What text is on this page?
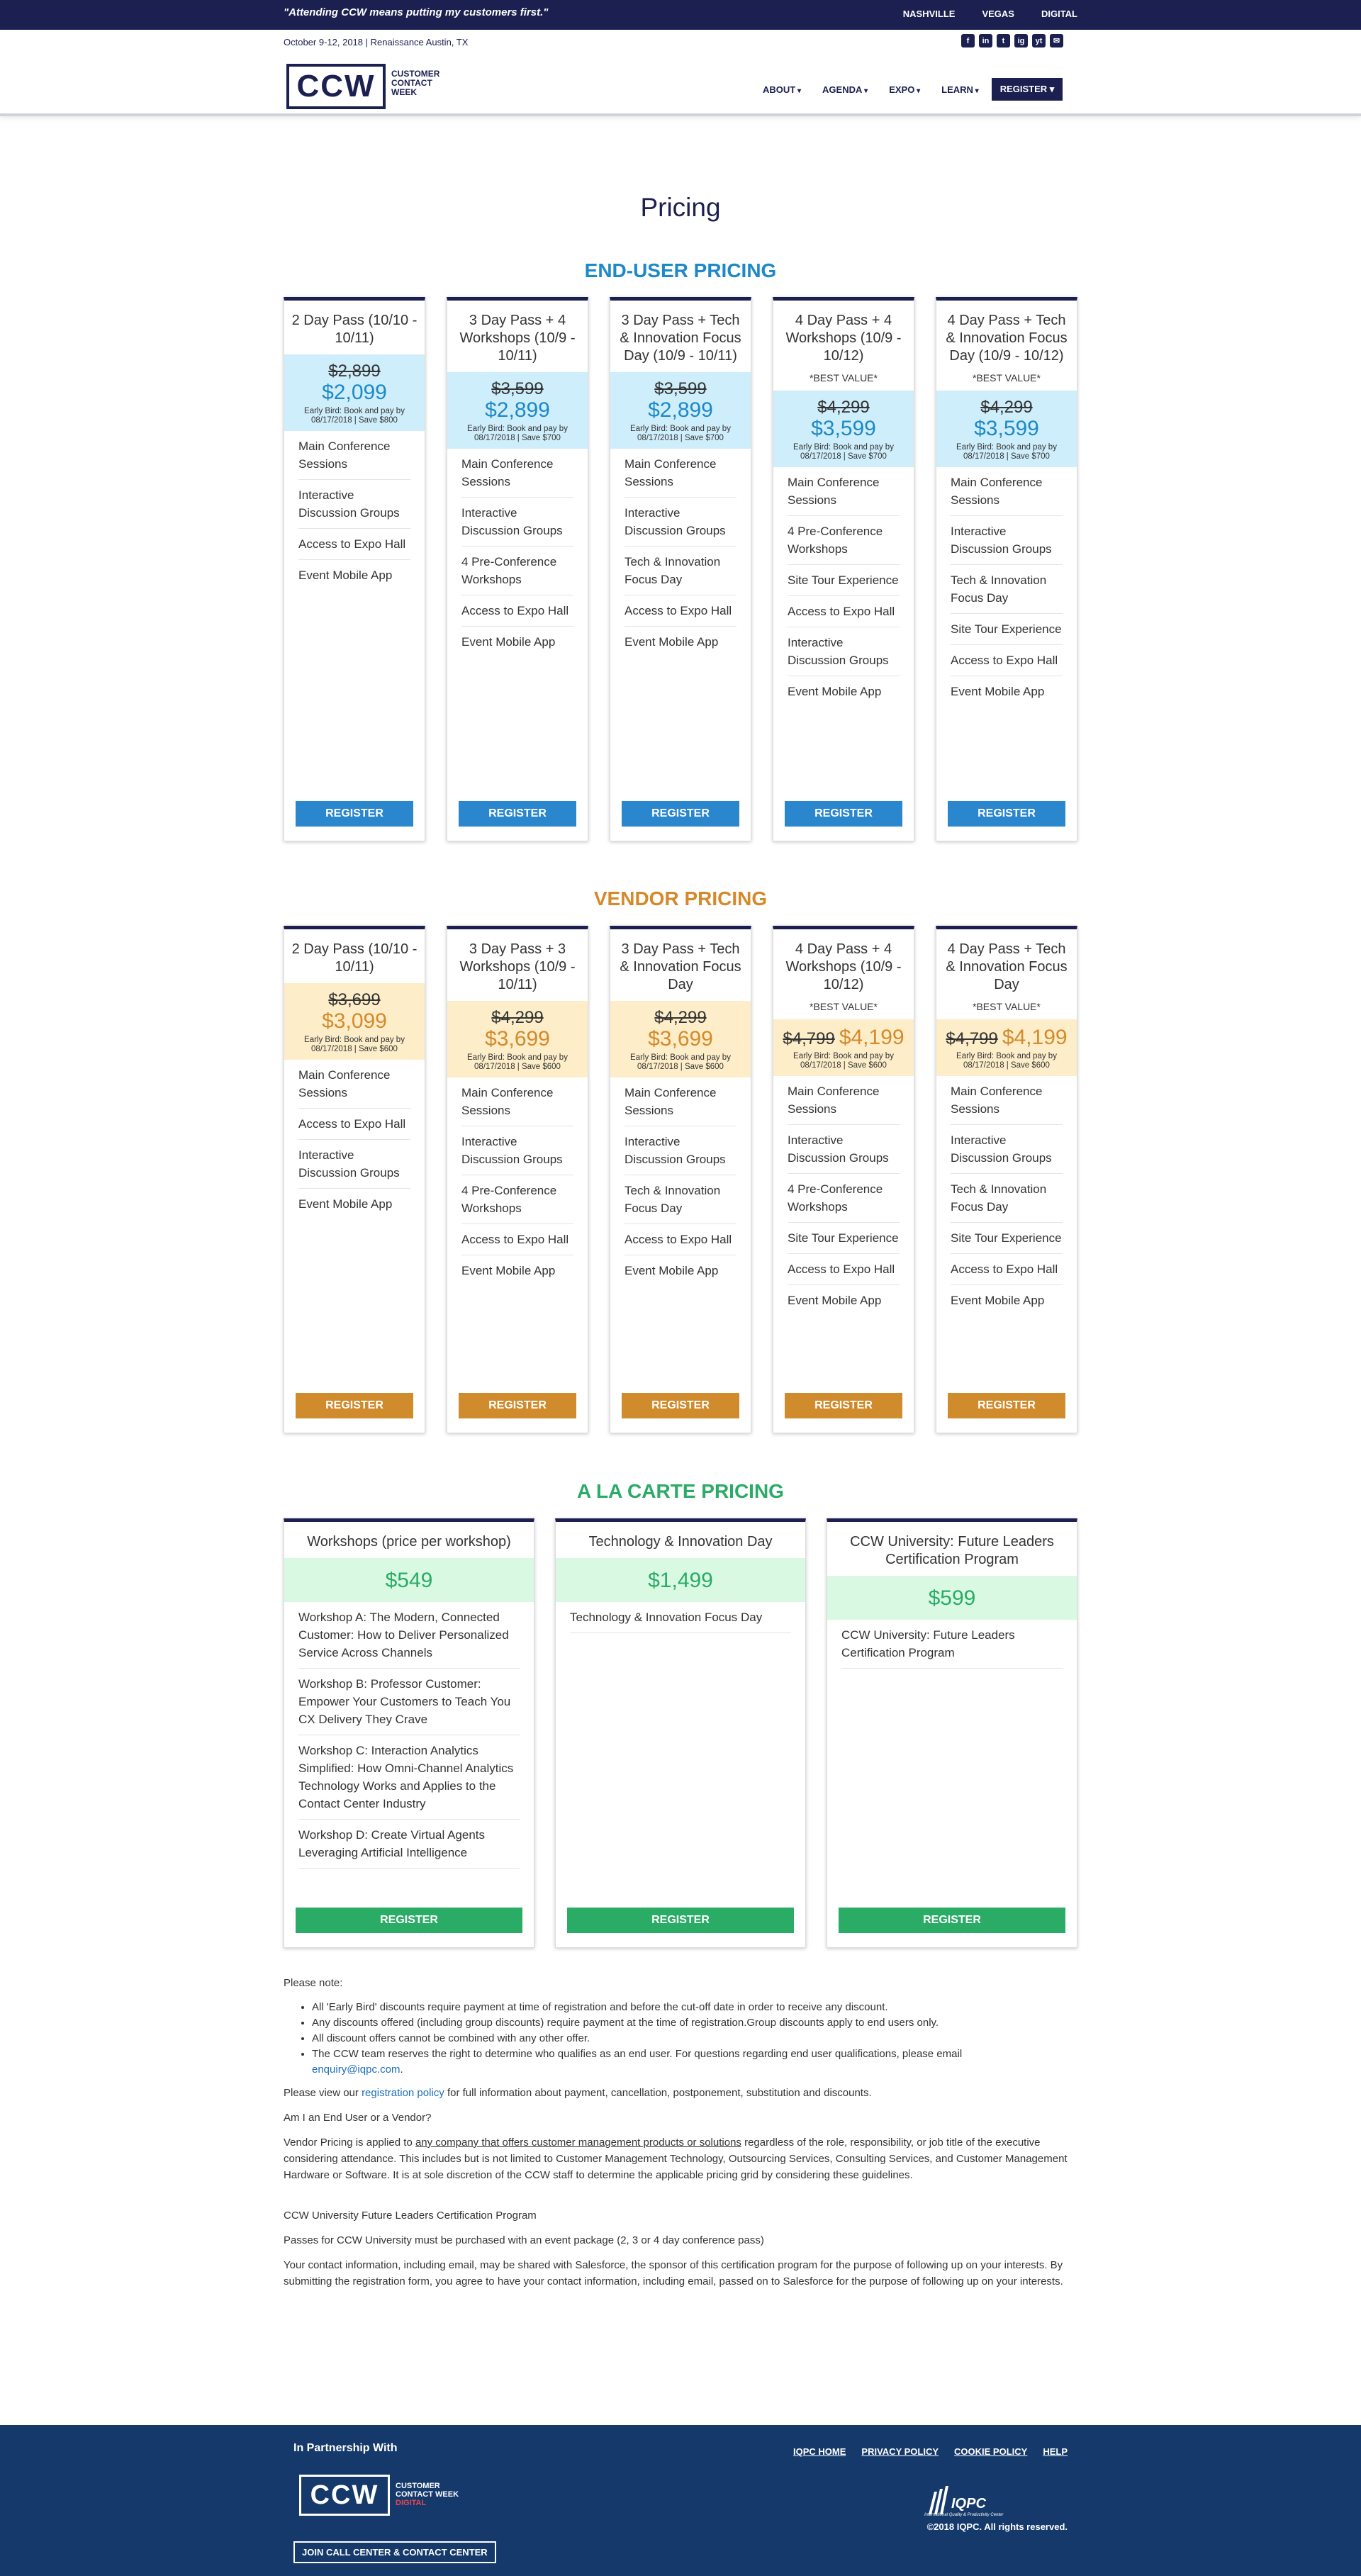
"Attending CCW means putting my customers first."	NASHVILLE	VEGAS	DIGITAL
October 9-12, 2018 | Renaissance Austin, TX	f	in	t	ig	yt	✉
CCW	CUSTOMER
CONTACT
WEEK	ABOUT ▾	AGENDA ▾	EXPO ▾	LEARN ▾	REGISTER ▾
Pricing
END-USER PRICING
2 Day Pass (10/10 - 10/11)
$2,899
$2,099
Early Bird: Book and pay by 08/17/2018 | Save $800
Main Conference Sessions
Interactive Discussion Groups
Access to Expo Hall
Event Mobile App
REGISTER
3 Day Pass + 4 Workshops (10/9 - 10/11)
$3,599
$2,899
Early Bird: Book and pay by 08/17/2018 | Save $700
Main Conference Sessions
Interactive Discussion Groups
4 Pre-Conference Workshops
Access to Expo Hall
Event Mobile App
REGISTER
3 Day Pass + Tech & Innovation Focus Day (10/9 - 10/11)
$3,599
$2,899
Early Bird: Book and pay by 08/17/2018 | Save $700
Main Conference Sessions
Interactive Discussion Groups
Tech & Innovation Focus Day
Access to Expo Hall
Event Mobile App
REGISTER
4 Day Pass + 4 Workshops (10/9 - 10/12)
*BEST VALUE*
$4,299
$3,599
Early Bird: Book and pay by 08/17/2018 | Save $700
Main Conference Sessions
4 Pre-Conference Workshops
Site Tour Experience
Access to Expo Hall
Interactive Discussion Groups
Event Mobile App
REGISTER
4 Day Pass + Tech & Innovation Focus Day (10/9 - 10/12)
*BEST VALUE*
$4,299
$3,599
Early Bird: Book and pay by 08/17/2018 | Save $700
Main Conference Sessions
Interactive Discussion Groups
Tech & Innovation Focus Day
Site Tour Experience
Access to Expo Hall
Event Mobile App
REGISTER
VENDOR PRICING
2 Day Pass (10/10 - 10/11)
$3,699
$3,099
Early Bird: Book and pay by 08/17/2018 | Save $600
Main Conference Sessions
Access to Expo Hall
Interactive Discussion Groups
Event Mobile App
REGISTER
3 Day Pass + 3 Workshops (10/9 - 10/11)
$4,299
$3,699
Early Bird: Book and pay by 08/17/2018 | Save $600
Main Conference Sessions
Interactive Discussion Groups
4 Pre-Conference Workshops
Access to Expo Hall
Event Mobile App
REGISTER
3 Day Pass + Tech & Innovation Focus Day
$4,299
$3,699
Early Bird: Book and pay by 08/17/2018 | Save $600
Main Conference Sessions
Interactive Discussion Groups
Tech & Innovation Focus Day
Access to Expo Hall
Event Mobile App
REGISTER
4 Day Pass + 4 Workshops (10/9 - 10/12)
*BEST VALUE*
$4,799 $4,199
Early Bird: Book and pay by 08/17/2018 | Save $600
Main Conference Sessions
Interactive Discussion Groups
4 Pre-Conference Workshops
Site Tour Experience
Access to Expo Hall
Event Mobile App
REGISTER
4 Day Pass + Tech & Innovation Focus Day
*BEST VALUE*
$4,799 $4,199
Early Bird: Book and pay by 08/17/2018 | Save $600
Main Conference Sessions
Interactive Discussion Groups
Tech & Innovation Focus Day
Site Tour Experience
Access to Expo Hall
Event Mobile App
REGISTER
A LA CARTE PRICING
Workshops (price per workshop)
$549
Workshop A: The Modern, Connected Customer: How to Deliver Personalized Service Across Channels
Workshop B: Professor Customer: Empower Your Customers to Teach You CX Delivery They Crave
Workshop C: Interaction Analytics Simplified: How Omni-Channel Analytics Technology Works and Applies to the Contact Center Industry
Workshop D: Create Virtual Agents Leveraging Artificial Intelligence
REGISTER
Technology & Innovation Day
$1,499
Technology & Innovation Focus Day
REGISTER
CCW University: Future Leaders Certification Program
$599
CCW University: Future Leaders Certification Program
REGISTER

Please note:

• All 'Early Bird' discounts require payment at time of registration and before the cut-off date in order to receive any discount.
• Any discounts offered (including group discounts) require payment at the time of registration.Group discounts apply to end users only.
• All discount offers cannot be combined with any other offer.
• The CCW team reserves the right to determine who qualifies as an end user. For questions regarding end user qualifications, please email
enquiry@iqpc.com.

Please view our registration policy for full information about payment, cancellation, postponement, substitution and discounts.

Am I an End User or a Vendor?

Vendor Pricing is applied to any company that offers customer management products or solutions regardless of the role, responsibility, or job title of the executive considering attendance. This includes but is not limited to Customer Management Technology, Outsourcing Services, Consulting Services, and Customer Management Hardware or Software. It is at sole discretion of the CCW staff to determine the applicable pricing grid by considering these guidelines.

CCW University Future Leaders Certification Program

Passes for CCW University must be purchased with an event package (2, 3 or 4 day conference pass)

Your contact information, including email, may be shared with Salesforce, the sponsor of this certification program for the purpose of following up on your interests. By submitting the registration form, you agree to have your contact information, including email, passed on to Salesforce for the purpose of following up on your interests.

In Partnership With
CCW	CUSTOMER
CONTACT WEEK
DIGITAL
JOIN CALL CENTER & CONTACT CENTER
IQPC HOME PRIVACY POLICY COOKIE POLICY HELP
IQPC
International Quality & Productivity Center
©2018 IQPC. All rights reserved.
